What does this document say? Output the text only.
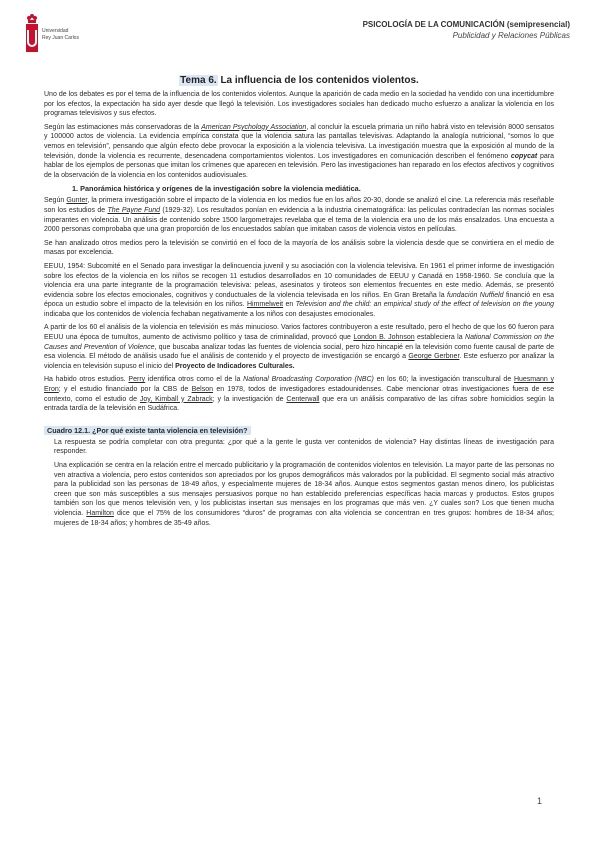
Universidad
Rey Juan Carlos
PSICOLOGÍA DE LA COMUNICACIÓN (semipresencial)
Publicidad y Relaciones Públicas
Tema 6. La influencia de los contenidos violentos.

Uno de los debates es por el tema de la influencia de los contenidos violentos. Aunque la aparición de cada medio en la sociedad ha vendido con una incertidumbre por los efectos, la expectación ha sido ayer desde que llegó la televisión. Los investigadores sociales han dedicado mucho esfuerzo a analizar la violencia en los programas televisivos y sus efectos.

Según las estimaciones más conservadoras de la American Psychology Association, al concluir la escuela primaria un niño habrá visto en televisión 8000 sensatos y 100000 actos de violencia. La evidencia empírica constata que la violencia satura las pantallas televisivas. Adaptando la analogía nutricional, “somos lo que vemos en televisión”, pensando que algún efecto debe provocar la exposición a la violencia televisiva. La investigación muestra que la exposición al mundo de la televisión, donde la violencia es recurrente, desencadena comportamientos violentos. Los investigadores en comunicación describen el fenómeno copycat para hablar de los ejemplos de personas que imitan los crímenes que aparecen en televisión. Pero las investigaciones han reparado en los efectos afectivos y cognitivos de la observación de la violencia en los contenidos audiovisuales.

1. Panorámica histórica y orígenes de la investigación sobre la violencia mediática.

Según Gunter, la primera investigación sobre el impacto de la violencia en los medios fue en los años 20-30, donde se analizó el cine. La referencia más reseñable son los estudios de The Payne Fund (1929-32). Los resultados ponían en evidencia a la industria cinematográfica: las películas contradecían las normas sociales imperantes en violencia. Un análisis de contenido sobre 1500 largometrajes revelaba que el tema de la violencia era uno de los más ensalzados. Una encuesta a 2000 personas comprobaba que una gran proporción de los encuestados sabían que imitaban casos de violencia vistos en películas.

Se han analizado otros medios pero la televisión se convirtió en el foco de la mayoría de los análisis sobre la violencia desde que se convirtiera en el medio de masas por excelencia.

EEUU, 1954: Subcomité en el Senado para investigar la delincuencia juvenil y su asociación con la violencia televisiva. En 1961 el primer informe de investigación sobre los efectos de la violencia en los niños se recogen 11 estudios desarrollados en 10 comunidades de EEUU y Canadá en 1958-1960. Se concluía que la violencia era una parte integrante de la programación televisiva: peleas, asesinatos y tiroteos son elementos frecuentes en este medio. Además, se presentó evidencia sobre los efectos emocionales, cognitivos y conductuales de la violencia televisada en los niños. En Gran Bretaña la fundación Nuffield financió en esa época un estudio sobre el impacto de la televisión en los niños. Himmelweit en Television and the child: an empirical study of the effect of television on the young indicaba que los contenidos de violencia fechaban negativamente a los niños con desajustes emocionales.

A partir de los 60 el análisis de la violencia en televisión es más minucioso. Varios factores contribuyeron a este resultado, pero el hecho de que los 60 fueron para EEUU una época de tumultos, aumento de activismo político y tasa de criminalidad, provocó que London B. Johnson estableciera la National Commission on the Causes and Prevention of Violence, que buscaba analizar todas las fuentes de violencia social, pero hizo hincapié en la televisión como fuente causal de parte de esa violencia. El método de análisis usado fue el análisis de contenido y el proyecto de investigación se encargó a George Gerbner. Este esfuerzo por analizar la violencia en televisión supuso el inicio del Proyecto de Indicadores Culturales.

Ha habido otros estudios. Perry identifica otros como el de la National Broadcasting Corporation (NBC) en los 60; la investigación transcultural de Huesmann y Eron; y el estudio financiado por la CBS de Belson en 1978, todos de investigadores estadounidenses. Cabe mencionar otras investigaciones fuera de ese contexto, como el estudio de Joy, Kimball y Zabrack; y la investigación de Centerwall que era un análisis comparativo de las cifras sobre homicidios según la entrada tardía de la televisión en Sudáfrica.

Cuadro 12.1. ¿Por qué existe tanta violencia en televisión?

La respuesta se podría completar con otra pregunta: ¿por qué a la gente le gusta ver contenidos de violencia? Hay distintas líneas de investigación para responder.

Una explicación se centra en la relación entre el mercado publicitario y la programación de contenidos violentos en televisión. La mayor parte de las personas no ven atractiva a violencia, pero estos contenidos son apreciados por los grupos demográficos más valorados por la publicidad. El segmento social más atractivo para la publicidad son las personas de 18-49 años, y especialmente mujeres de 18-34 años. Aunque estos segmentos gastan menos dinero, los publicistas creen que son más susceptibles a sus mensajes persuasivos porque no han establecido preferencias específicas hacia marcas y productos. Estos grupos también son los que menos televisión ven, y los publicistas insertan sus mensajes en los programas que más ven. ¿Y cuales son? Los que tienen mucha violencia. Hamilton dice que el 75% de los consumidores “duros” de programas con alta violencia se concentran en tres grupos: hombres de 18-34 años; mujeres de 18-34 años; y hombres de 35-49 años.

1
